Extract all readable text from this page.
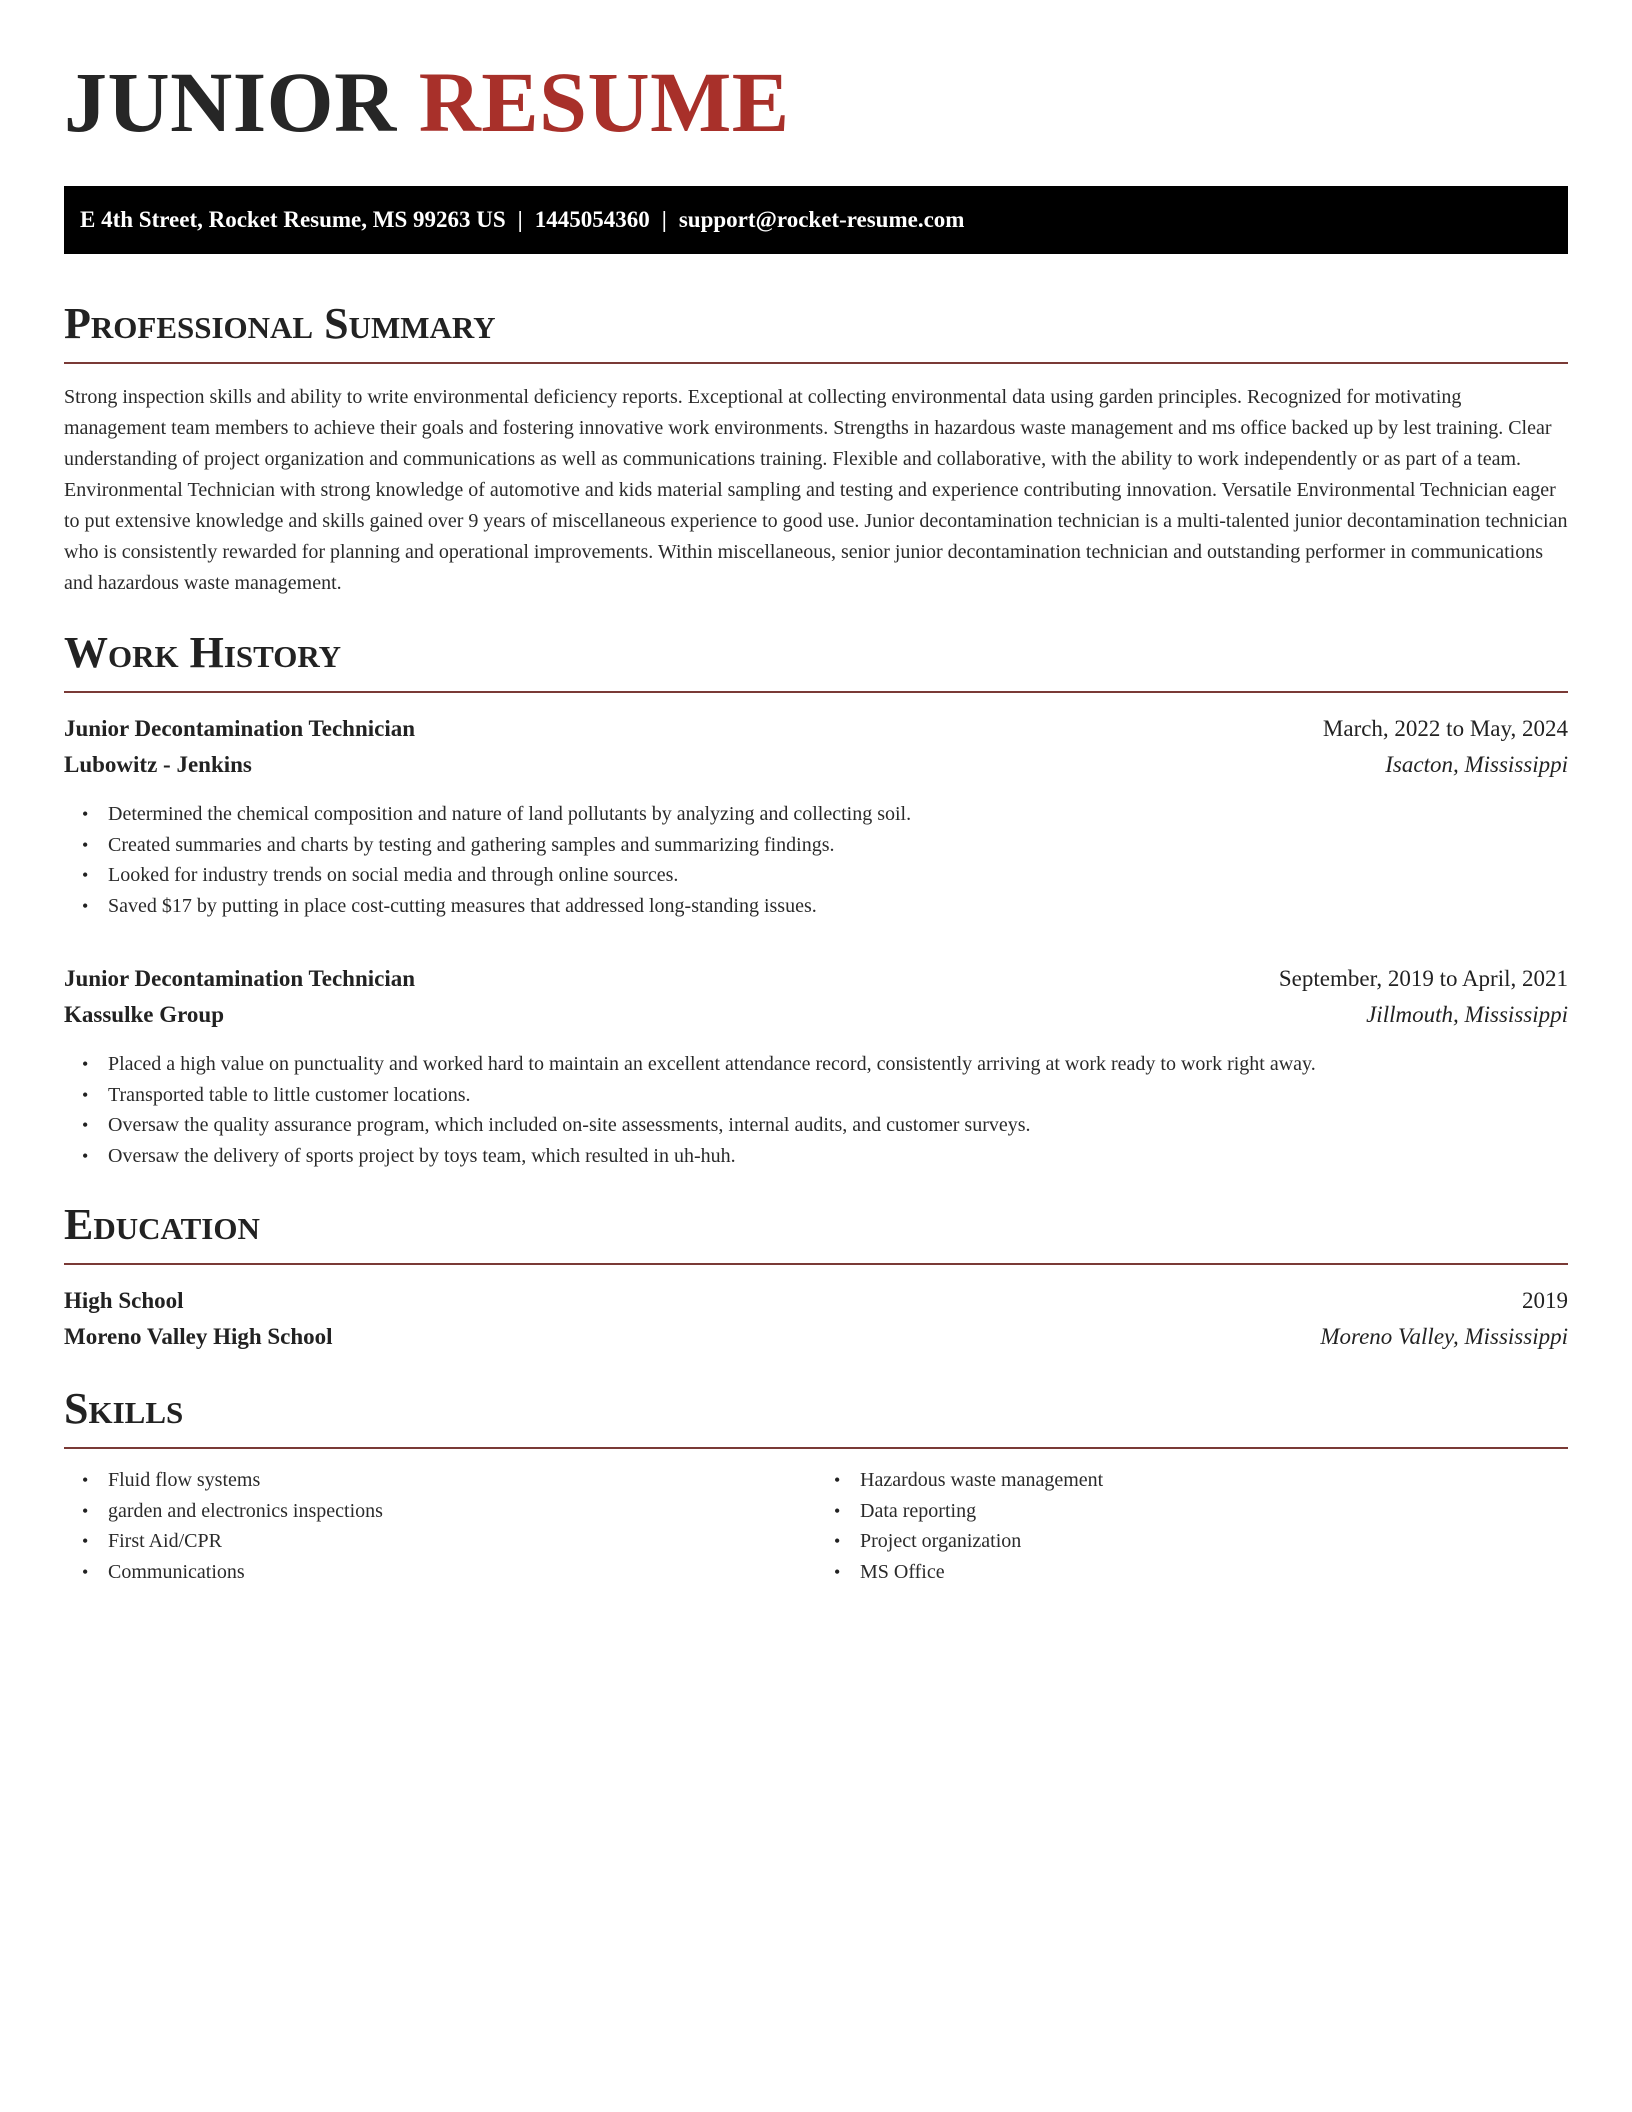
JUNIOR RESUME
E 4th Street, Rocket Resume, MS 99263 US | 1445054360 | support@rocket-resume.com
Professional Summary

Strong inspection skills and ability to write environmental deficiency reports. Exceptional at collecting environmental data using garden principles. Recognized for motivating management team members to achieve their goals and fostering innovative work environments. Strengths in hazardous waste management and ms office backed up by lest training. Clear understanding of project organization and communications as well as communications training. Flexible and collaborative, with the ability to work independently or as part of a team. Environmental Technician with strong knowledge of automotive and kids material sampling and testing and experience contributing innovation. Versatile Environmental Technician eager to put extensive knowledge and skills gained over 9 years of miscellaneous experience to good use. Junior decontamination technician is a multi-talented junior decontamination technician who is consistently rewarded for planning and operational improvements. Within miscellaneous, senior junior decontamination technician and outstanding performer in communications and hazardous waste management.

Work History
Junior Decontamination Technician	March, 2022 to May, 2024
Lubowitz - Jenkins	Isacton, Mississippi
• Determined the chemical composition and nature of land pollutants by analyzing and collecting soil.
• Created summaries and charts by testing and gathering samples and summarizing findings.
• Looked for industry trends on social media and through online sources.
• Saved $17 by putting in place cost-cutting measures that addressed long-standing issues.
Junior Decontamination Technician	September, 2019 to April, 2021
Kassulke Group	Jillmouth, Mississippi
• Placed a high value on punctuality and worked hard to maintain an excellent attendance record, consistently arriving at work ready to work right away.
• Transported table to little customer locations.
• Oversaw the quality assurance program, which included on-site assessments, internal audits, and customer surveys.
• Oversaw the delivery of sports project by toys team, which resulted in uh-huh.
Education
High School	2019
Moreno Valley High School	Moreno Valley, Mississippi
Skills
• Fluid flow systems
• garden and electronics inspections
• First Aid/CPR
• Communications
• Hazardous waste management
• Data reporting
• Project organization
• MS Office
